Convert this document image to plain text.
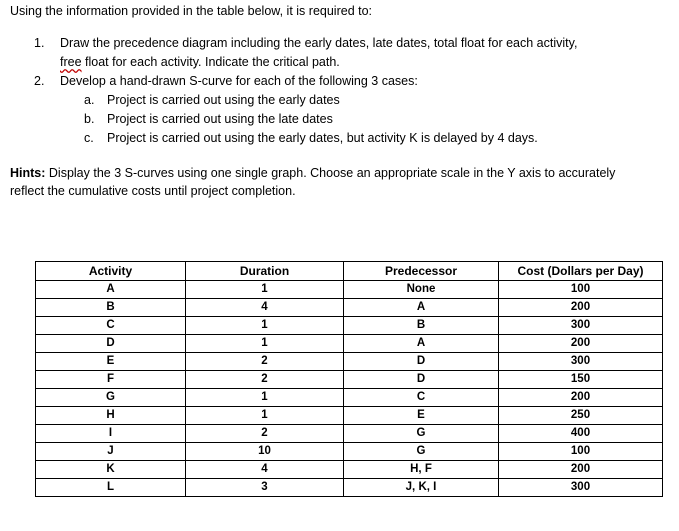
Using the information provided in the table below, it is required to:
1. Draw the precedence diagram including the early dates, late dates, total float for each activity,
free float for each activity. Indicate the critical path.
2. Develop a hand-drawn S-curve for each of the following 3 cases:
a. Project is carried out using the early dates
b. Project is carried out using the late dates
c. Project is carried out using the early dates, but activity K is delayed by 4 days.
Hints: Display the 3 S-curves using one single graph. Choose an appropriate scale in the Y axis to accurately reflect the cumulative costs until project completion.
Activity	Duration	Predecessor	Cost (Dollars per Day)
A	1	None	100
B	4	A	200
C	1	B	300
D	1	A	200
E	2	D	300
F	2	D	150
G	1	C	200
H	1	E	250
I	2	G	400
J	10	G	100
K	4	H, F	200
L	3	J, K, I	300
